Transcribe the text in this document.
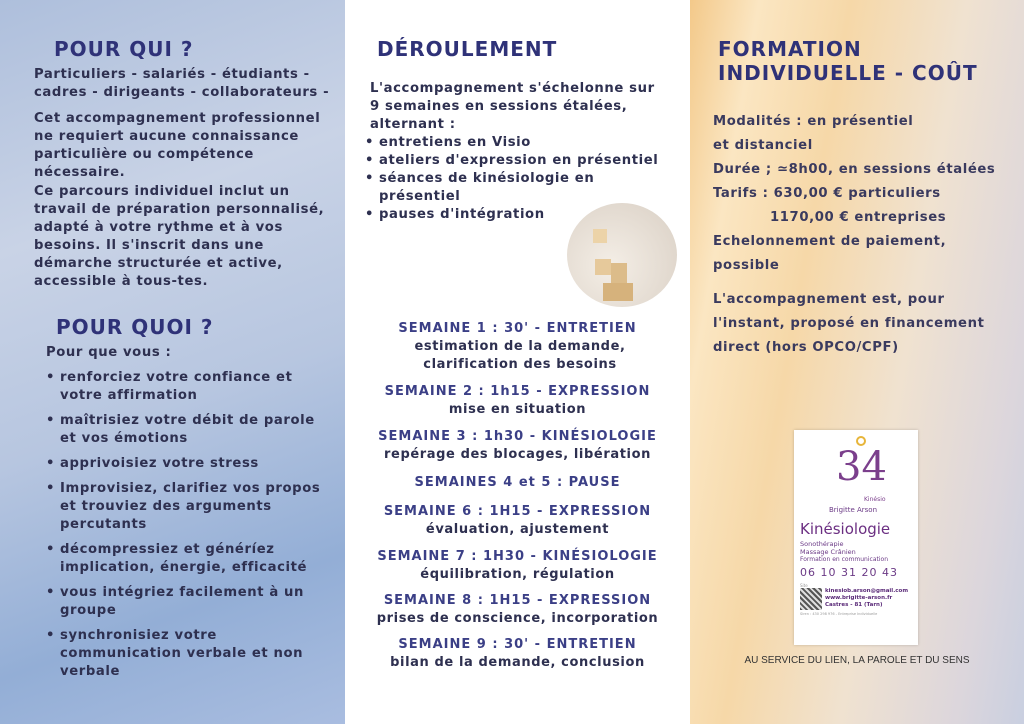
POUR QUI ?

Particuliers - salariés - étudiants -

cadres - dirigeants - collaborateurs -

Cet accompagnement professionnel ne requiert aucune connaissance particulière ou compétence nécessaire.

Ce parcours individuel inclut un travail de préparation personnalisé, adapté à votre rythme et à vos besoins. Il s'inscrit dans une démarche structurée et active, accessible à tous-tes.

POUR QUOI ?

Pour que vous :

• renforciez votre confiance et votre affirmation
• maîtrisiez votre débit de parole et vos émotions
• apprivoisiez votre stress
• Improvisiez, clarifiez vos propos et trouviez des arguments percutants
• décompressiez et généríez implication, énergie, efficacité
• vous intégriez facilement à un groupe
• synchronisiez votre communication verbale et non verbale
DÉROULEMENT

L'accompagnement s'échelonne sur 9 semaines en sessions étalées, alternant :

• entretiens en Visio
• ateliers d'expression en présentiel
• séances de kinésiologie en présentiel
• pauses d'intégration
SEMAINE 1 : 30' - ENTRETIEN
estimation de la demande, clarification des besoins
SEMAINE 2 : 1h15 - EXPRESSION
mise en situation
SEMAINE 3 : 1h30 - KINÉSIOLOGIE
repérage des blocages, libération
SEMAINES 4 et 5 : PAUSE
SEMAINE 6 : 1H15 - EXPRESSION
évaluation, ajustement
SEMAINE 7 : 1H30 - KINÉSIOLOGIE
équilibration, régulation
SEMAINE 8 : 1H15 - EXPRESSION
prises de conscience, incorporation
SEMAINE 9 : 30' - ENTRETIEN
bilan de la demande, conclusion
FORMATION
INDIVIDUELLE - COÛT

Modalités : en présentiel

et distanciel

Durée ; ≃8h00, en sessions étalées

Tarifs : 630,00 € particuliers

1170,00 € entreprises

Echelonnement de paiement,

possible

L'accompagnement est, pour l'instant, proposé en financement direct (hors OPCO/CPF)

AU SERVICE DU LIEN, LA PAROLE ET DU SENS
34
Kinésio
Brigitte Arson
Kinésiologie
Sonothérapie
Massage Crânien
Formation en communication
06 10 31 20 43
Site
kinesiob.arson@gmail.com
www.brigitte-arson.fr
Castres - 81 (Tarn)
Siren : 430 298 976 - Entreprise Individuelle
